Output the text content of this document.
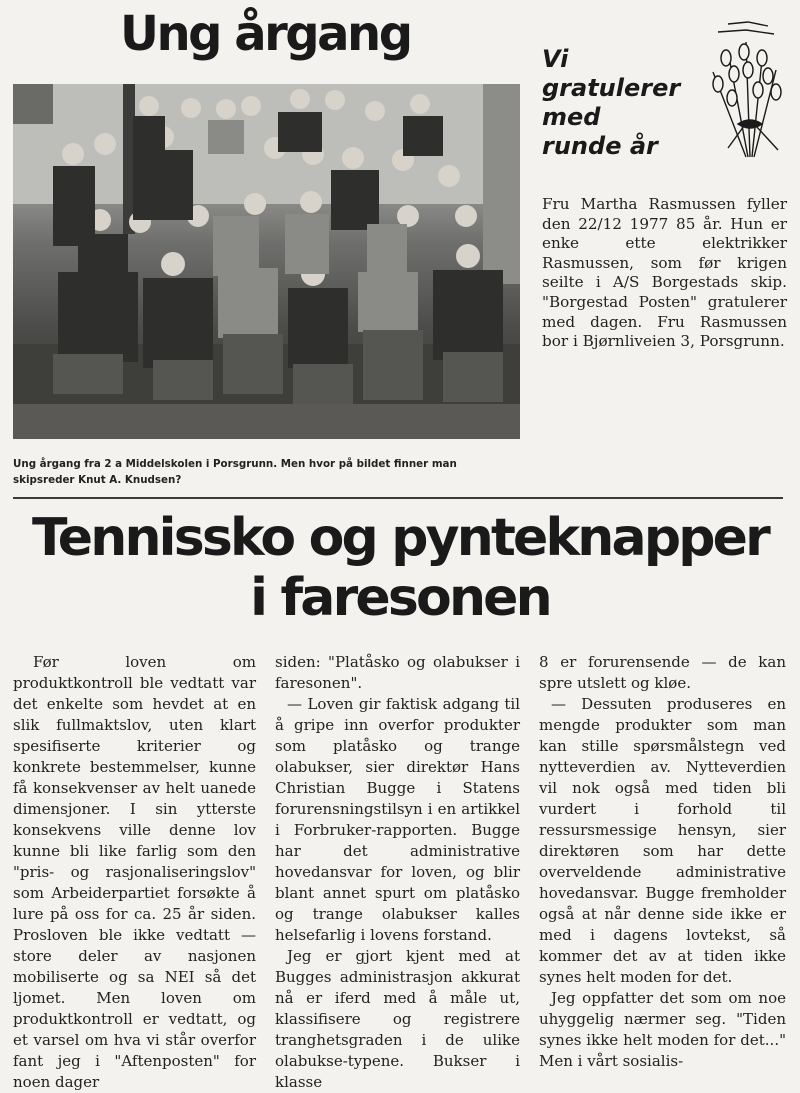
Ung årgang

Ung årgang fra 2 a Middelskolen i Porsgrunn. Men hvor på bildet finner man skipsreder Knut A. Knudsen?

Vi gratulerer med runde år

Fru Martha Rasmussen fyller den 22/12 1977 85 år. Hun er enke ette elektrikker Rasmussen, som før krigen seilte i A/S Borgestads skip. "Borgestad Posten" gratulerer med dagen. Fru Rasmussen bor i Bjørnliveien 3, Porsgrunn.

Tennissko og pynteknapper
i faresonen

Før loven om produktkontroll ble vedtatt var det enkelte som hevdet at en slik fullmaktslov, uten klart spesifiserte kriterier og konkrete bestemmelser, kunne få konsekvenser av helt uanede dimensjoner. I sin ytterste konsekvens ville denne lov kunne bli like farlig som den "pris- og rasjonaliseringslov" som Arbeiderpartiet forsøkte å lure på oss for ca. 25 år siden. Prosloven ble ikke vedtatt — store deler av nasjonen mobiliserte og sa NEI så det ljomet. Men loven om produktkontroll er vedtatt, og et varsel om hva vi står overfor fant jeg i "Aftenposten" for noen dager

siden: "Platåsko og olabukser i faresonen".

— Loven gir faktisk adgang til å gripe inn overfor produkter som platåsko og trange olabukser, sier direktør Hans Christian Bugge i Statens forurensningstilsyn i en artikkel i Forbruker-rapporten. Bugge har det administrative hovedansvar for loven, og blir blant annet spurt om platåsko og trange olabukser kalles helsefarlig i lovens forstand.

Jeg er gjort kjent med at Bugges administrasjon akkurat nå er iferd med å måle ut, klassifisere og registrere tranghetsgraden i de ulike olabukse-typene. Bukser i klasse

8 er forurensende — de kan spre utslett og kløe.

— Dessuten produseres en mengde produkter som man kan stille spørsmålstegn ved nytteverdien av. Nytteverdien vil nok også med tiden bli vurdert i forhold til ressursmessige hensyn, sier direktøren som har dette overveldende administrative hovedansvar. Bugge fremholder også at når denne side ikke er med i dagens lovtekst, så kommer det av at tiden ikke synes helt moden for det.

Jeg oppfatter det som om noe uhyggelig nærmer seg. "Tiden synes ikke helt moden for det..." Men i vårt sosialis-
